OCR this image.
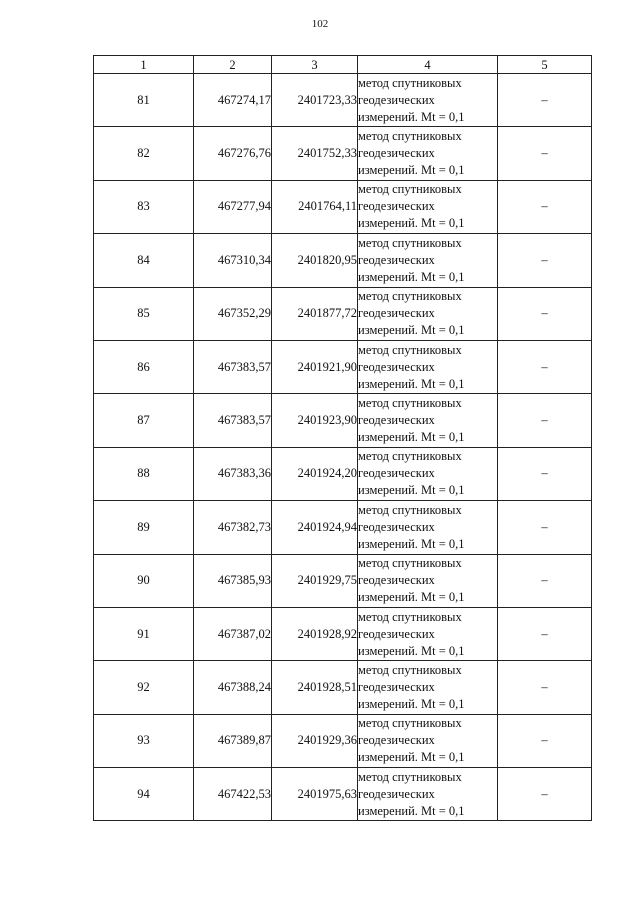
102
1	2	3	4	5
81	467274,17	2401723,33	метод спутниковых
геодезических
измерений. Mt = 0,1	–
82	467276,76	2401752,33	метод спутниковых
геодезических
измерений. Mt = 0,1	–
83	467277,94	2401764,11	метод спутниковых
геодезических
измерений. Mt = 0,1	–
84	467310,34	2401820,95	метод спутниковых
геодезических
измерений. Mt = 0,1	–
85	467352,29	2401877,72	метод спутниковых
геодезических
измерений. Mt = 0,1	–
86	467383,57	2401921,90	метод спутниковых
геодезических
измерений. Mt = 0,1	–
87	467383,57	2401923,90	метод спутниковых
геодезических
измерений. Mt = 0,1	–
88	467383,36	2401924,20	метод спутниковых
геодезических
измерений. Mt = 0,1	–
89	467382,73	2401924,94	метод спутниковых
геодезических
измерений. Mt = 0,1	–
90	467385,93	2401929,75	метод спутниковых
геодезических
измерений. Mt = 0,1	–
91	467387,02	2401928,92	метод спутниковых
геодезических
измерений. Mt = 0,1	–
92	467388,24	2401928,51	метод спутниковых
геодезических
измерений. Mt = 0,1	–
93	467389,87	2401929,36	метод спутниковых
геодезических
измерений. Mt = 0,1	–
94	467422,53	2401975,63	метод спутниковых
геодезических
измерений. Mt = 0,1	–
